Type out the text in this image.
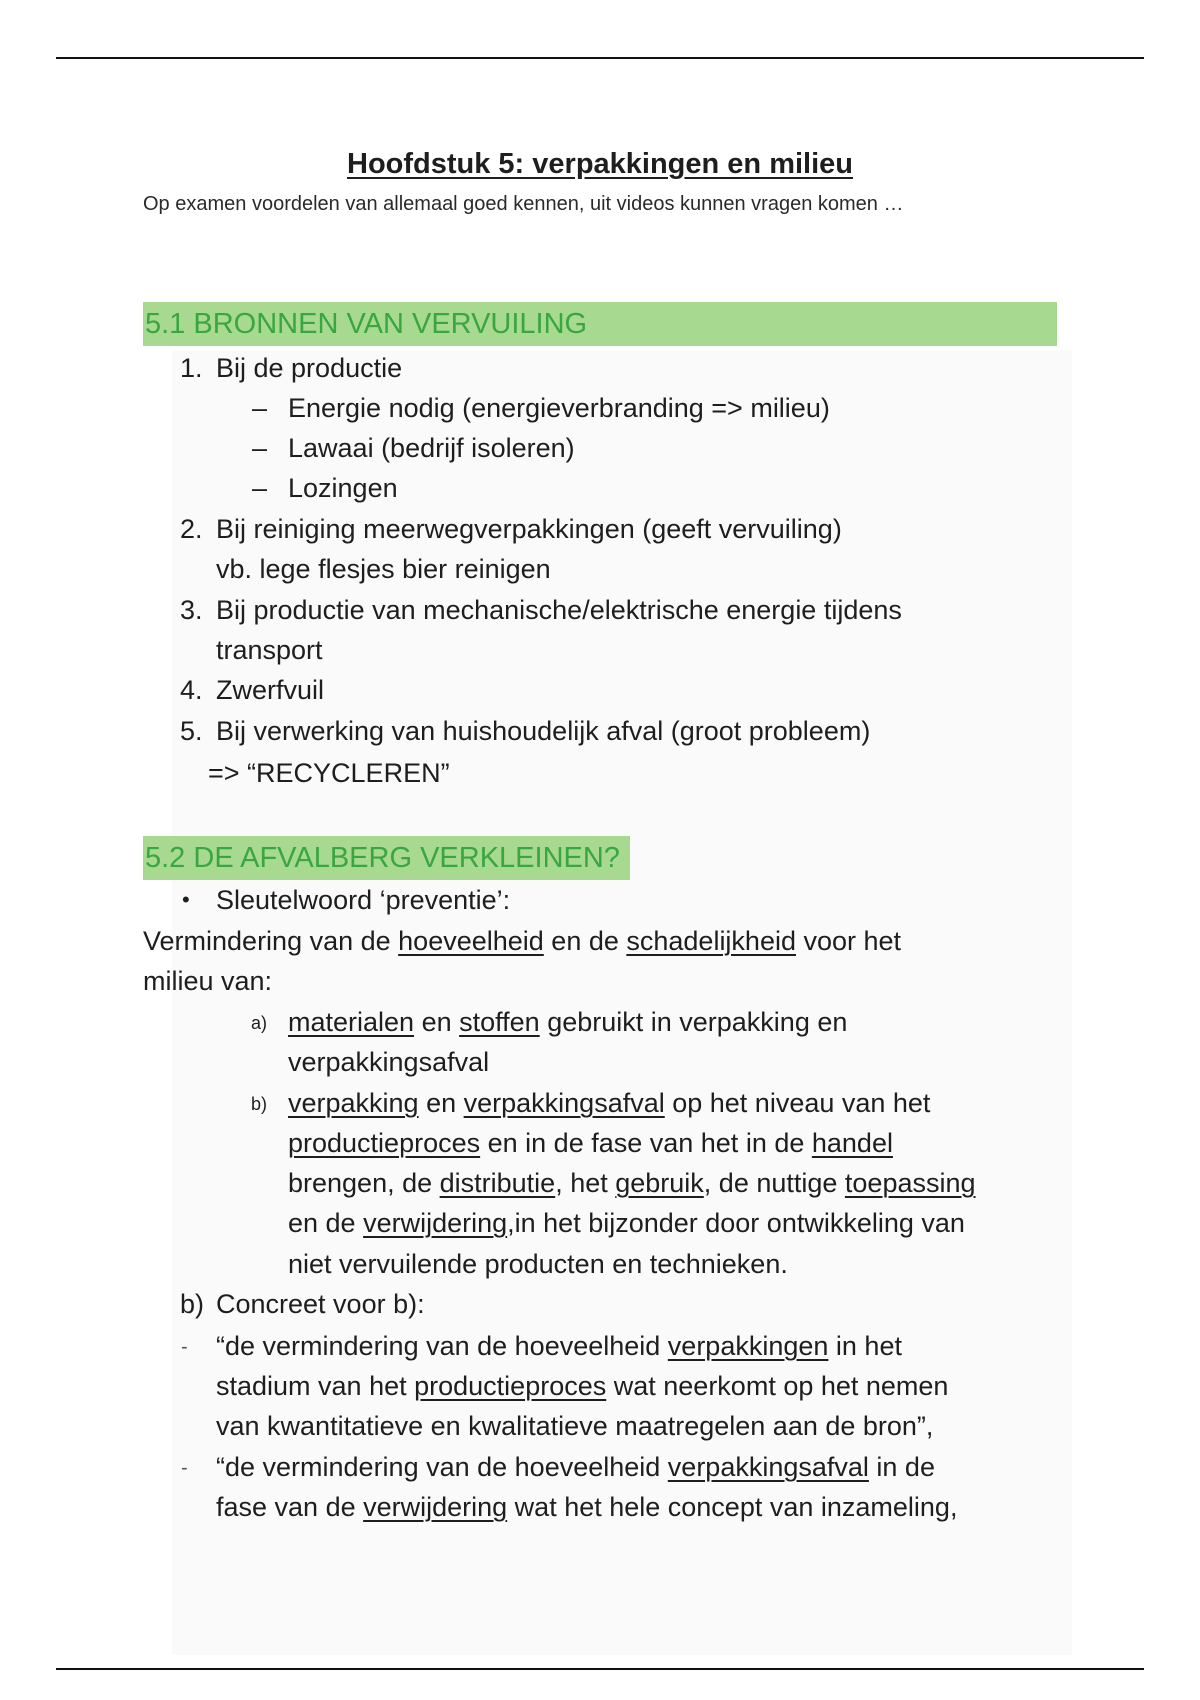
Hoofdstuk 5: verpakkingen en milieu
Op examen voordelen van allemaal goed kennen, uit videos kunnen vragen komen …
5.1 BRONNEN VAN VERVUILING
1. Bij de productie
– Energie nodig (energieverbranding => milieu)
– Lawaai (bedrijf isoleren)
– Lozingen
2. Bij reiniging meerwegverpakkingen (geeft vervuiling)
vb. lege flesjes bier reinigen
3. Bij productie van mechanische/elektrische energie tijdens
transport
4. Zwerfvuil
5. Bij verwerking van huishoudelijk afval (groot probleem)
=> “RECYCLEREN”
5.2 DE AFVALBERG VERKLEINEN?
• Sleutelwoord ‘preventie’:
Vermindering van de hoeveelheid en de schadelijkheid voor het
milieu van:
a) materialen en stoffen gebruikt in verpakking en
verpakkingsafval
b) verpakking en verpakkingsafval op het niveau van het
productieproces en in de fase van het in de handel
brengen, de distributie, het gebruik, de nuttige toepassing
en de verwijdering,in het bijzonder door ontwikkeling van
niet vervuilende producten en technieken.
b) Concreet voor b):
- “de vermindering van de hoeveelheid verpakkingen in het
stadium van het productieproces wat neerkomt op het nemen
van kwantitatieve en kwalitatieve maatregelen aan de bron”,
- “de vermindering van de hoeveelheid verpakkingsafval in de
fase van de verwijdering wat het hele concept van inzameling,
